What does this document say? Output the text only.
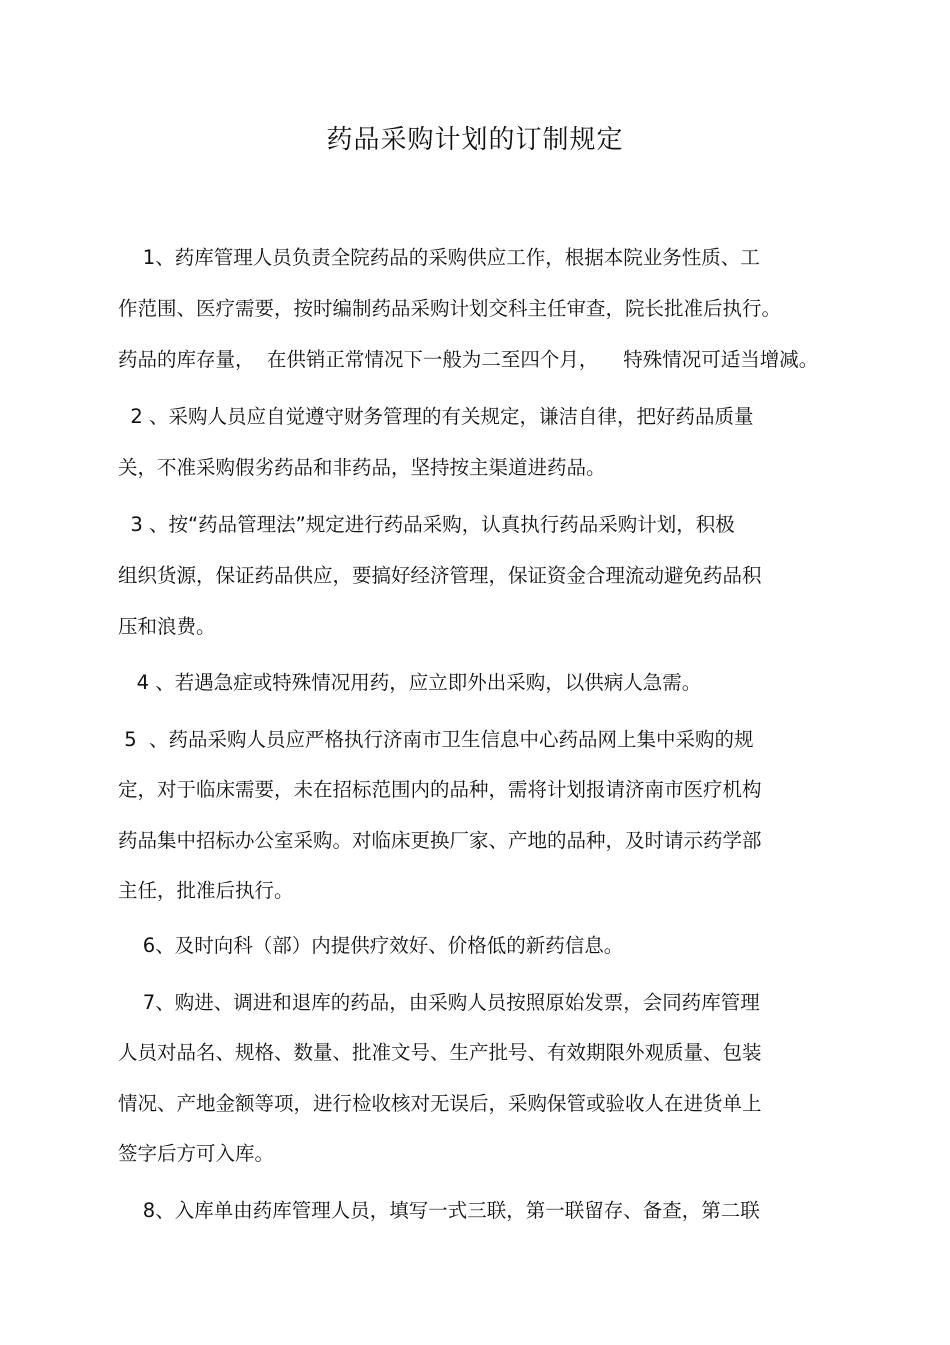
药品采购计划的订制规定
1、药库管理人员负责全院药品的采购供应工作，根据本院业务性质、工
作范围、医疗需要，按时编制药品采购计划交科主任审查，院长批准后执行。
药品的库存量，  在供销正常情况下一般为二至四个月，    特殊情况可适当增减。
2 、采购人员应自觉遵守财务管理的有关规定，谦洁自律，把好药品质量
关，不准采购假劣药品和非药品，坚持按主渠道进药品。
3 、按“药品管理法”规定进行药品采购，认真执行药品采购计划，积极
组织货源，保证药品供应，要搞好经济管理，保证资金合理流动避免药品积
压和浪费。
4 、若遇急症或特殊情况用药，应立即外出采购，以供病人急需。
5  、药品采购人员应严格执行济南市卫生信息中心药品网上集中采购的规
定，对于临床需要，未在招标范围内的品种，需将计划报请济南市医疗机构
药品集中招标办公室采购。对临床更换厂家、产地的品种，及时请示药学部
主任，批准后执行。
6、及时向科（部）内提供疗效好、价格低的新药信息。
7、购进、调进和退库的药品，由采购人员按照原始发票，会同药库管理
人员对品名、规格、数量、批准文号、生产批号、有效期限外观质量、包装
情况、产地金额等项，进行检收核对无误后，采购保管或验收人在进货单上
签字后方可入库。
8、入库单由药库管理人员，填写一式三联，第一联留存、备查，第二联
